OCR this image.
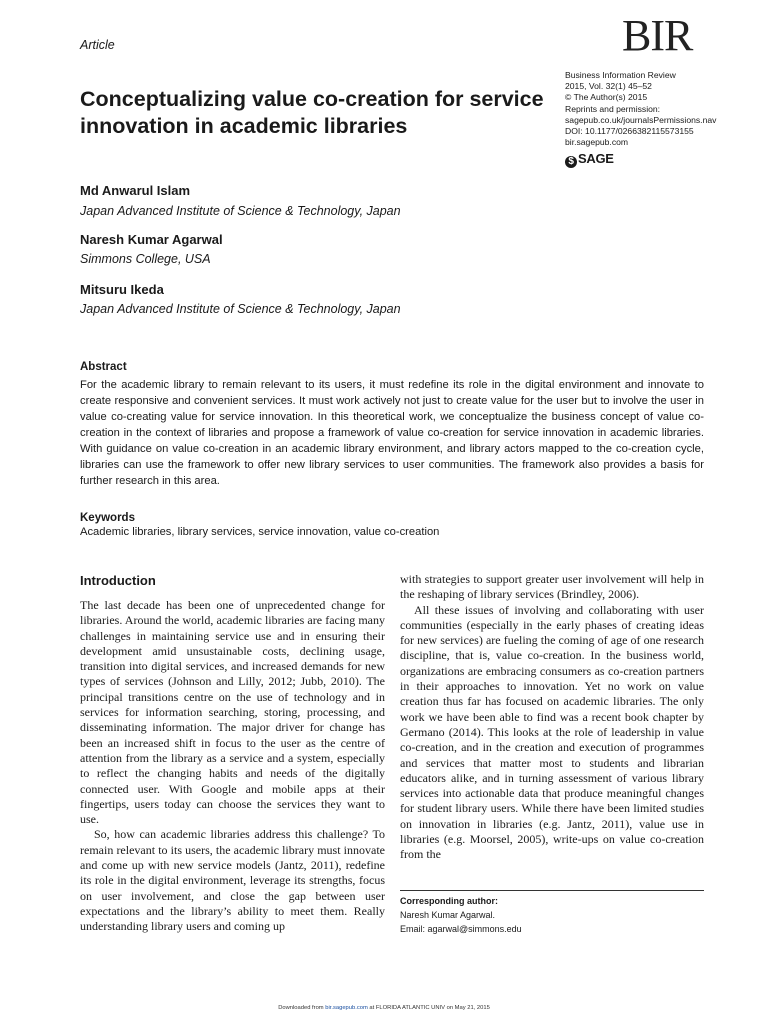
Article	BIR
Business Information Review
2015, Vol. 32(1) 45–52
© The Author(s) 2015
Reprints and permission:
sagepub.co.uk/journalsPermissions.nav
DOI: 10.1177/0266382115573155
bir.sagepub.com
$ SAGE
Conceptualizing value co-creation for service innovation in academic libraries
Md Anwarul Islam
Japan Advanced Institute of Science & Technology, Japan
Naresh Kumar Agarwal
Simmons College, USA
Mitsuru Ikeda
Japan Advanced Institute of Science & Technology, Japan
Abstract

For the academic library to remain relevant to its users, it must redefine its role in the digital environment and innovate to create responsive and convenient services. It must work actively not just to create value for the user but to involve the user in value co-creating value for service innovation. In this theoretical work, we conceptualize the business concept of value co-creation in the context of libraries and propose a framework of value co-creation for service innovation in academic libraries. With guidance on value co-creation in an academic library environment, and library actors mapped to the co-creation cycle, libraries can use the framework to offer new library services to user communities. The framework also provides a basis for further research in this area.

Keywords
Academic libraries, library services, service innovation, value co-creation
Introduction

The last decade has been one of unprecedented change for libraries. Around the world, academic libraries are facing many challenges in maintaining service use and in ensuring their development amid unsustainable costs, declining usage, transition into digital services, and increased demands for new types of services (Johnson and Lilly, 2012; Jubb, 2010). The principal transitions centre on the use of technology and in services for information searching, storing, processing, and disseminating information. The major driver for change has been an increased shift in focus to the user as the centre of attention from the library as a service and a system, especially to reflect the changing habits and needs of the digitally connected user. With Google and mobile apps at their fingertips, users today can choose the services they want to use.

So, how can academic libraries address this challenge? To remain relevant to its users, the academic library must innovate and come up with new service models (Jantz, 2011), redefine its role in the digital environment, leverage its strengths, focus on user involvement, and close the gap between user expectations and the library’s ability to meet them. Really understanding library users and coming up

with strategies to support greater user involvement will help in the reshaping of library services (Brindley, 2006).

All these issues of involving and collaborating with user communities (especially in the early phases of creating ideas for new services) are fueling the coming of age of one research discipline, that is, value co-creation. In the business world, organizations are embracing consumers as co-creation partners in their approaches to innovation. Yet no work on value creation thus far has focused on academic libraries. The only work we have been able to find was a recent book chapter by Germano (2014). This looks at the role of leadership in value co-creation, and in the creation and execution of programmes and services that matter most to students and librarian educators alike, and in turning assessment of various library services into actionable data that produce meaningful changes for student library users. While there have been limited studies on innovation in libraries (e.g. Jantz, 2011), value use in libraries (e.g. Moorsel, 2005), write-ups on value co-creation from the

Corresponding author:
Naresh Kumar Agarwal.
Email: agarwal@simmons.edu
Downloaded from bir.sagepub.com at FLORIDA ATLANTIC UNIV on May 21, 2015
